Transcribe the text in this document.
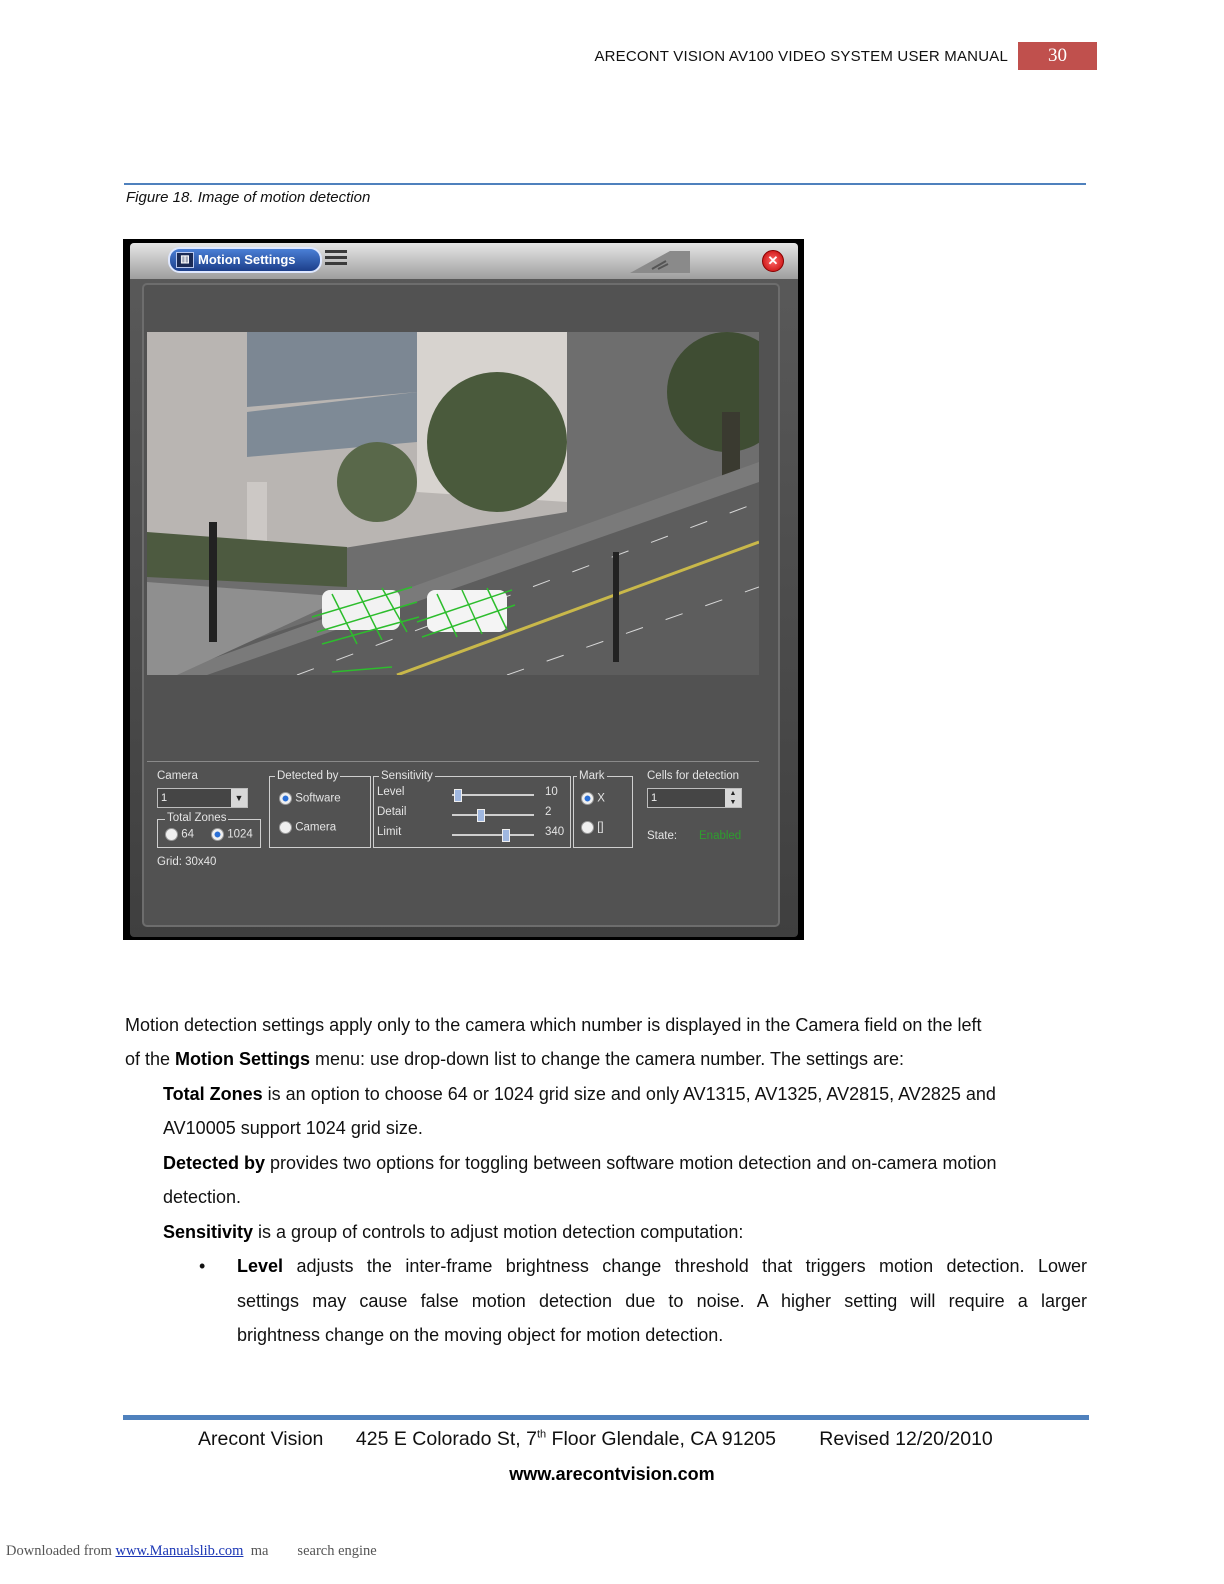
ARECONT VISION AV100 VIDEO SYSTEM USER MANUAL	30
Figure 18. Image of motion detection
▥ Motion Settings	✕
Camera
1	▼
Total Zones
64	1024
Grid: 30x40
Detected by
Software
Camera
Sensitivity	Mark
X
[]
Cells for detection
1	▲
▼
State: Enabled
Level	10
Detail	2
Limit	340
Motion detection settings apply only to the camera which number is displayed in the Camera field on the left
of the Motion Settings menu: use drop-down list to change the camera number. The settings are:
Total Zones is an option to choose 64 or 1024 grid size and only AV1315, AV1325, AV2815, AV2825 and
AV10005 support 1024 grid size.
Detected by provides two options for toggling between software motion detection and on-camera motion
detection.
Sensitivity is a group of controls to adjust motion detection computation:
• Level adjusts the inter-frame brightness change threshold that triggers motion detection. Lower
settings may cause false motion detection due to noise. A higher setting will require a larger
brightness change on the moving object for motion detection.
Arecont Vision 425 E Colorado St, 7th Floor Glendale, CA 91205 Revised 12/20/2010
www.arecontvision.com
Downloaded from www.Manualslib.com  ma        search engine
